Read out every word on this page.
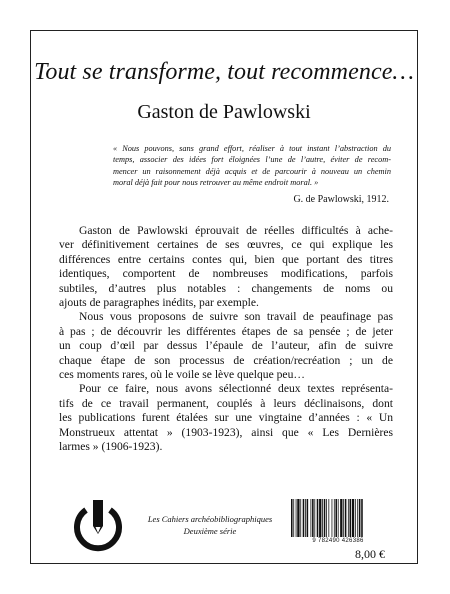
Tout se transforme, tout recommence…
Gaston de Pawlowski
« Nous pouvons, sans grand effort, réaliser à tout instant l’abstraction du
temps, associer des idées fort éloignées l’une de l’autre, éviter de recom-
mencer un raisonnement déjà acquis et de parcourir à nouveau un chemin
moral déjà fait pour nous retrouver au même endroit moral. »
G. de Pawlowski, 1912.
Gaston de Pawlowski éprouvait de réelles difficultés à ache-
ver définitivement certaines de ses œuvres, ce qui explique les
différences entre certains contes qui, bien que portant des titres
identiques, comportent de nombreuses modifications, parfois
subtiles, d’autres plus notables : changements de noms ou
ajouts de paragraphes inédits, par exemple.
Nous vous proposons de suivre son travail de peaufinage pas
à pas ; de découvrir les différentes étapes de sa pensée ; de jeter
un coup d’œil par dessus l’épaule de l’auteur, afin de suivre
chaque étape de son processus de création/recréation ; un de
ces moments rares, où le voile se lève quelque peu…
Pour ce faire, nous avons sélectionné deux textes représenta-
tifs de ce travail permanent, couplés à leurs déclinaisons, dont
les publications furent étalées sur une vingtaine d’années : « Un
Monstrueux attentat » (1903-1923), ainsi que « Les Dernières
larmes » (1906-1923).
Les Cahiers archéobibliographiques
Deuxième série
9 782490 426386
8,00 €
